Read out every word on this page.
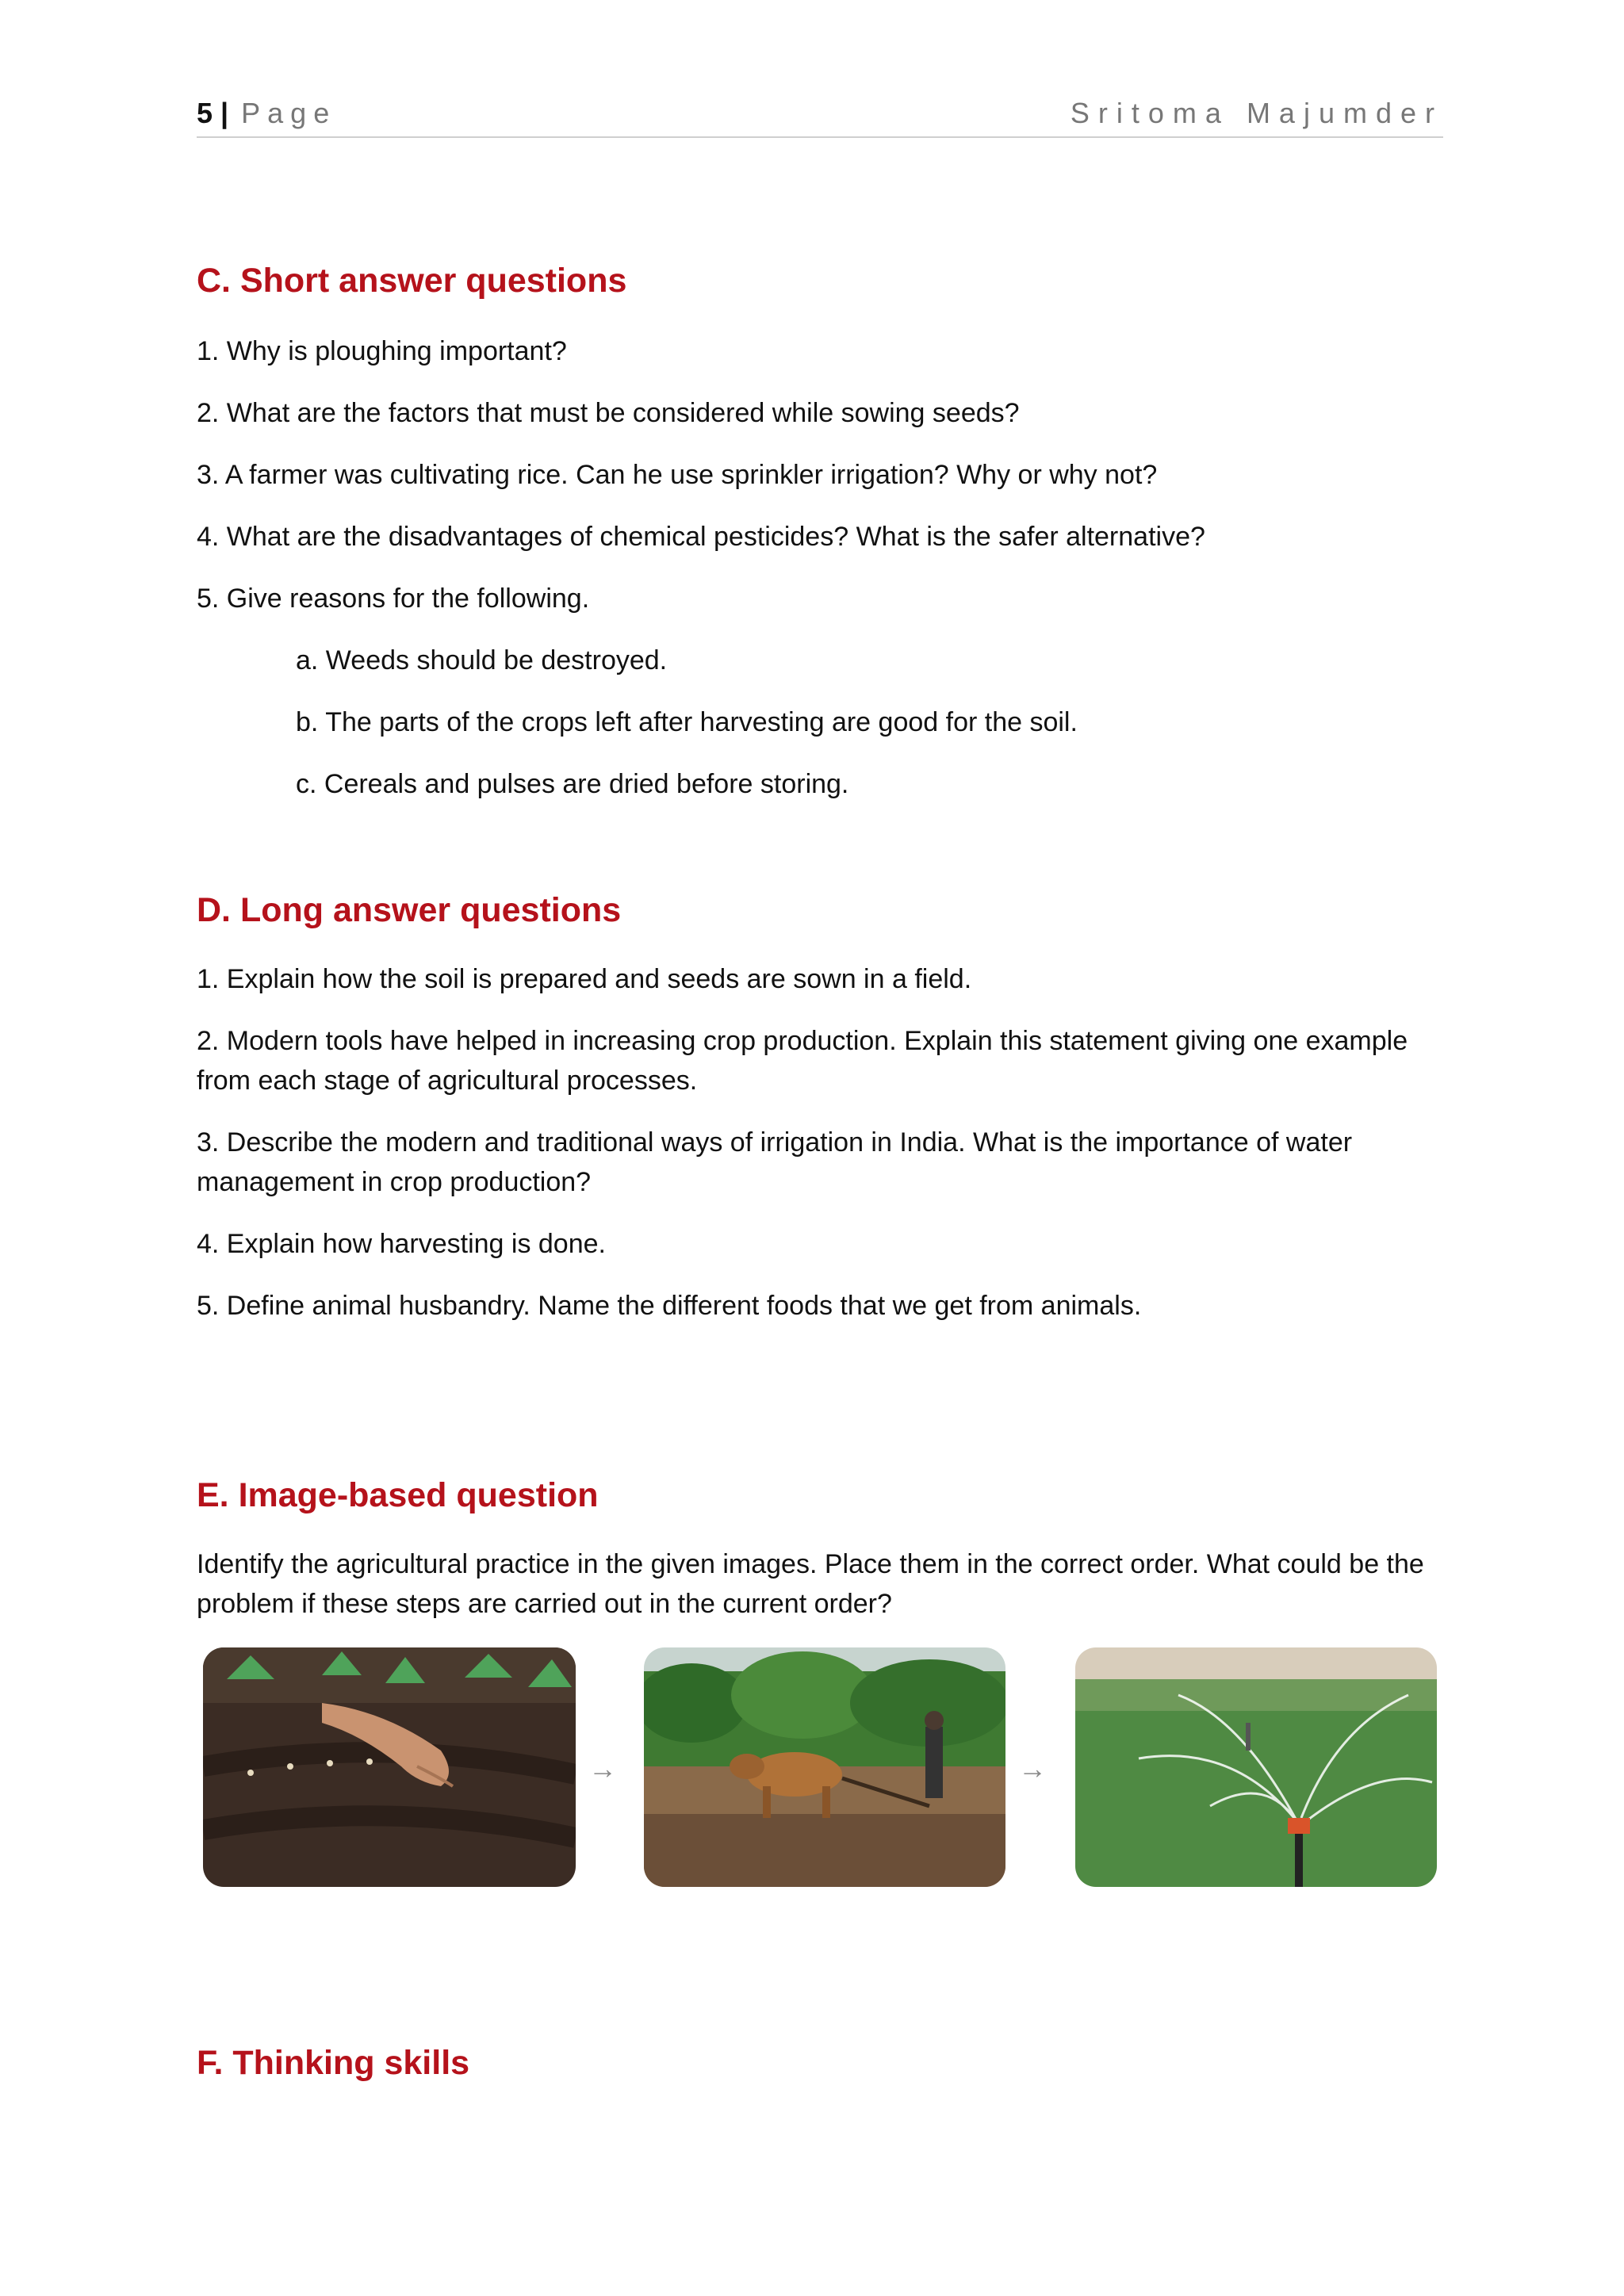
5 | Page	Sritoma Majumder
C. Short answer questions

1. Why is ploughing important?

2. What are the factors that must be considered while sowing seeds?

3. A farmer was cultivating rice. Can he use sprinkler irrigation? Why or why not?

4. What are the disadvantages of chemical pesticides? What is the safer alternative?

5. Give reasons for the following.

a. Weeds should be destroyed.

b. The parts of the crops left after harvesting are good for the soil.

c. Cereals and pulses are dried before storing.

D. Long answer questions

1. Explain how the soil is prepared and seeds are sown in a field.

2. Modern tools have helped in increasing crop production. Explain this statement giving one example from each stage of agricultural processes.

3. Describe the modern and traditional ways of irrigation in India. What is the importance of water management in crop production?

4. Explain how harvesting is done.

5. Define animal husbandry. Name the different foods that we get from animals.

E. Image-based question

Identify the agricultural practice in the given images. Place them in the correct order. What could be the problem if these steps are carried out in the current order?

→	→
F. Thinking skills
